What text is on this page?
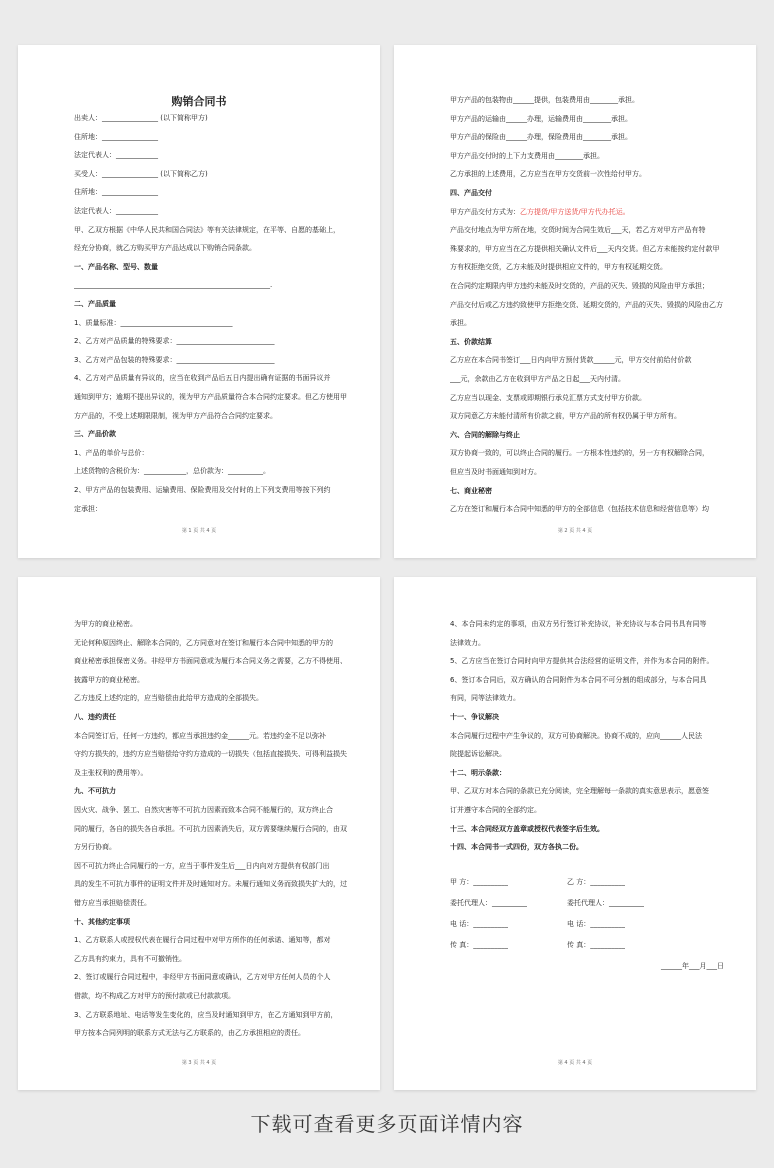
购销合同书
出卖人：________________ (以下简称甲方)
住所地：________________
法定代表人：____________
买受人：________________ (以下简称乙方)
住所地：________________
法定代表人：____________
甲、乙双方根据《中华人民共和国合同法》等有关法律规定，在平等、自愿的基础上，
经充分协商，就乙方购买甲方产品达成以下购销合同条款。
一、产品名称、型号、数量
________________________________________________________.
二、产品质量
1、质量标准：________________________________
2、乙方对产品质量的特殊要求：____________________________
3、乙方对产品包装的特殊要求：____________________________
4、乙方对产品质量有异议的，应当在收到产品后五日内提出确有证据的书面异议并
通知到甲方；逾期不提出异议的，视为甲方产品质量符合本合同约定要求。但乙方使用甲
方产品的，不受上述期限限制，视为甲方产品符合合同约定要求。
三、产品价款
1、产品的单价与总价：
上述货物的含税价为：____________，总价款为：__________。
2、甲方产品的包装费用、运输费用、保险费用及交付时的上下列支费用等按下列约
定承担：
第 1 页 共 4 页
甲方产品的包装物由______提供，包装费用由________承担。
甲方产品的运输由______办理，运输费用由________承担。
甲方产品的保险由______办理，保险费用由________承担。
甲方产品交付时的上下力支费用由________承担。
乙方承担的上述费用，乙方应当在甲方交货前一次性给付甲方。
四、产品交付
甲方产品交付方式为：乙方提货/甲方送货/甲方代办托运。
产品交付地点为甲方所在地，交货时间为合同生效后___天，若乙方对甲方产品有特
殊要求的，甲方应当在乙方提供相关确认文件后___天内交货。但乙方未能按约定付款甲
方有权拒绝交货，乙方未能及时提供相应文件的，甲方有权延期交货。
在合同约定期限内甲方违约未能及时交货的，产品的灭失、毁损的风险由甲方承担；
产品交付后或乙方违约致使甲方拒绝交货、延期交货的，产品的灭失、毁损的风险由乙方
承担。
五、价款结算
乙方应在本合同书签订___日内向甲方预付货款______元，甲方交付前给付价款
___元，余款由乙方在收到甲方产品之日起___天内付清。
乙方应当以现金、支票或即期银行承兑汇票方式支付甲方价款。
双方同意乙方未能付清所有价款之前，甲方产品的所有权仍属于甲方所有。
六、合同的解除与终止
双方协商一致的，可以终止合同的履行。一方根本性违约的，另一方有权解除合同，
但应当及时书面通知到对方。
七、商业秘密
乙方在签订和履行本合同中知悉的甲方的全部信息（包括技术信息和经营信息等）均
第 2 页 共 4 页
为甲方的商业秘密。
无论何种原因终止、解除本合同的，乙方同意对在签订和履行本合同中知悉的甲方的
商业秘密承担保密义务。非经甲方书面同意或为履行本合同义务之需要，乙方不得使用、
披露甲方的商业秘密。
乙方违反上述约定的，应当赔偿由此给甲方造成的全部损失。
八、违约责任
本合同签订后，任何一方违约，都应当承担违约金______元。若违约金不足以弥补
守约方损失的，违约方应当赔偿给守约方造成的一切损失（包括直接损失、可得利益损失
及主张权利的费用等）。
九、不可抗力
因火灾、战争、罢工、自然灾害等不可抗力因素而致本合同不能履行的，双方终止合
同的履行，各自的损失各自承担。不可抗力因素消失后，双方需要继续履行合同的，由双
方另行协商。
因不可抗力终止合同履行的一方，应当于事件发生后___日内向对方提供有权部门出
具的发生不可抗力事件的证明文件并及时通知对方。未履行通知义务而致损失扩大的，过
错方应当承担赔偿责任。
十、其他约定事项
1、乙方联系人或授权代表在履行合同过程中对甲方所作的任何承诺、通知等，都对
乙方具有约束力，具有不可撤销性。
2、签订或履行合同过程中，非经甲方书面同意或确认，乙方对甲方任何人员的个人
借款，均不构成乙方对甲方的预付款或已付款款项。
3、乙方联系地址、电话等发生变化的，应当及时通知到甲方，在乙方通知到甲方前，
甲方按本合同列明的联系方式无法与乙方联系的，由乙方承担相应的责任。
第 3 页 共 4 页
4、本合同未约定的事项，由双方另行签订补充协议，补充协议与本合同书具有同等
法律效力。
5、乙方应当在签订合同时向甲方提供其合法经营的证明文件，并作为本合同的附件。
6、签订本合同后，双方确认的合同附件为本合同不可分割的组成部分，与本合同具
有同，同等法律效力。
十一、争议解决
本合同履行过程中产生争议的，双方可协商解决。协商不成的，应向______人民法
院提起诉讼解决。
十二、明示条款：
甲、乙双方对本合同的条款已充分阅读，完全理解每一条款的真实意思表示，愿意签
订并遵守本合同的全部约定。
十三、本合同经双方盖章或授权代表签字后生效。
十四、本合同书一式四份，双方各执二份。
甲 方：__________	乙 方：__________
委托代理人：__________	委托代理人：__________
电 话：__________	电 话：__________
传 真：__________	传 真：__________
______年___月___日
第 4 页 共 4 页
下载可查看更多页面详情内容
